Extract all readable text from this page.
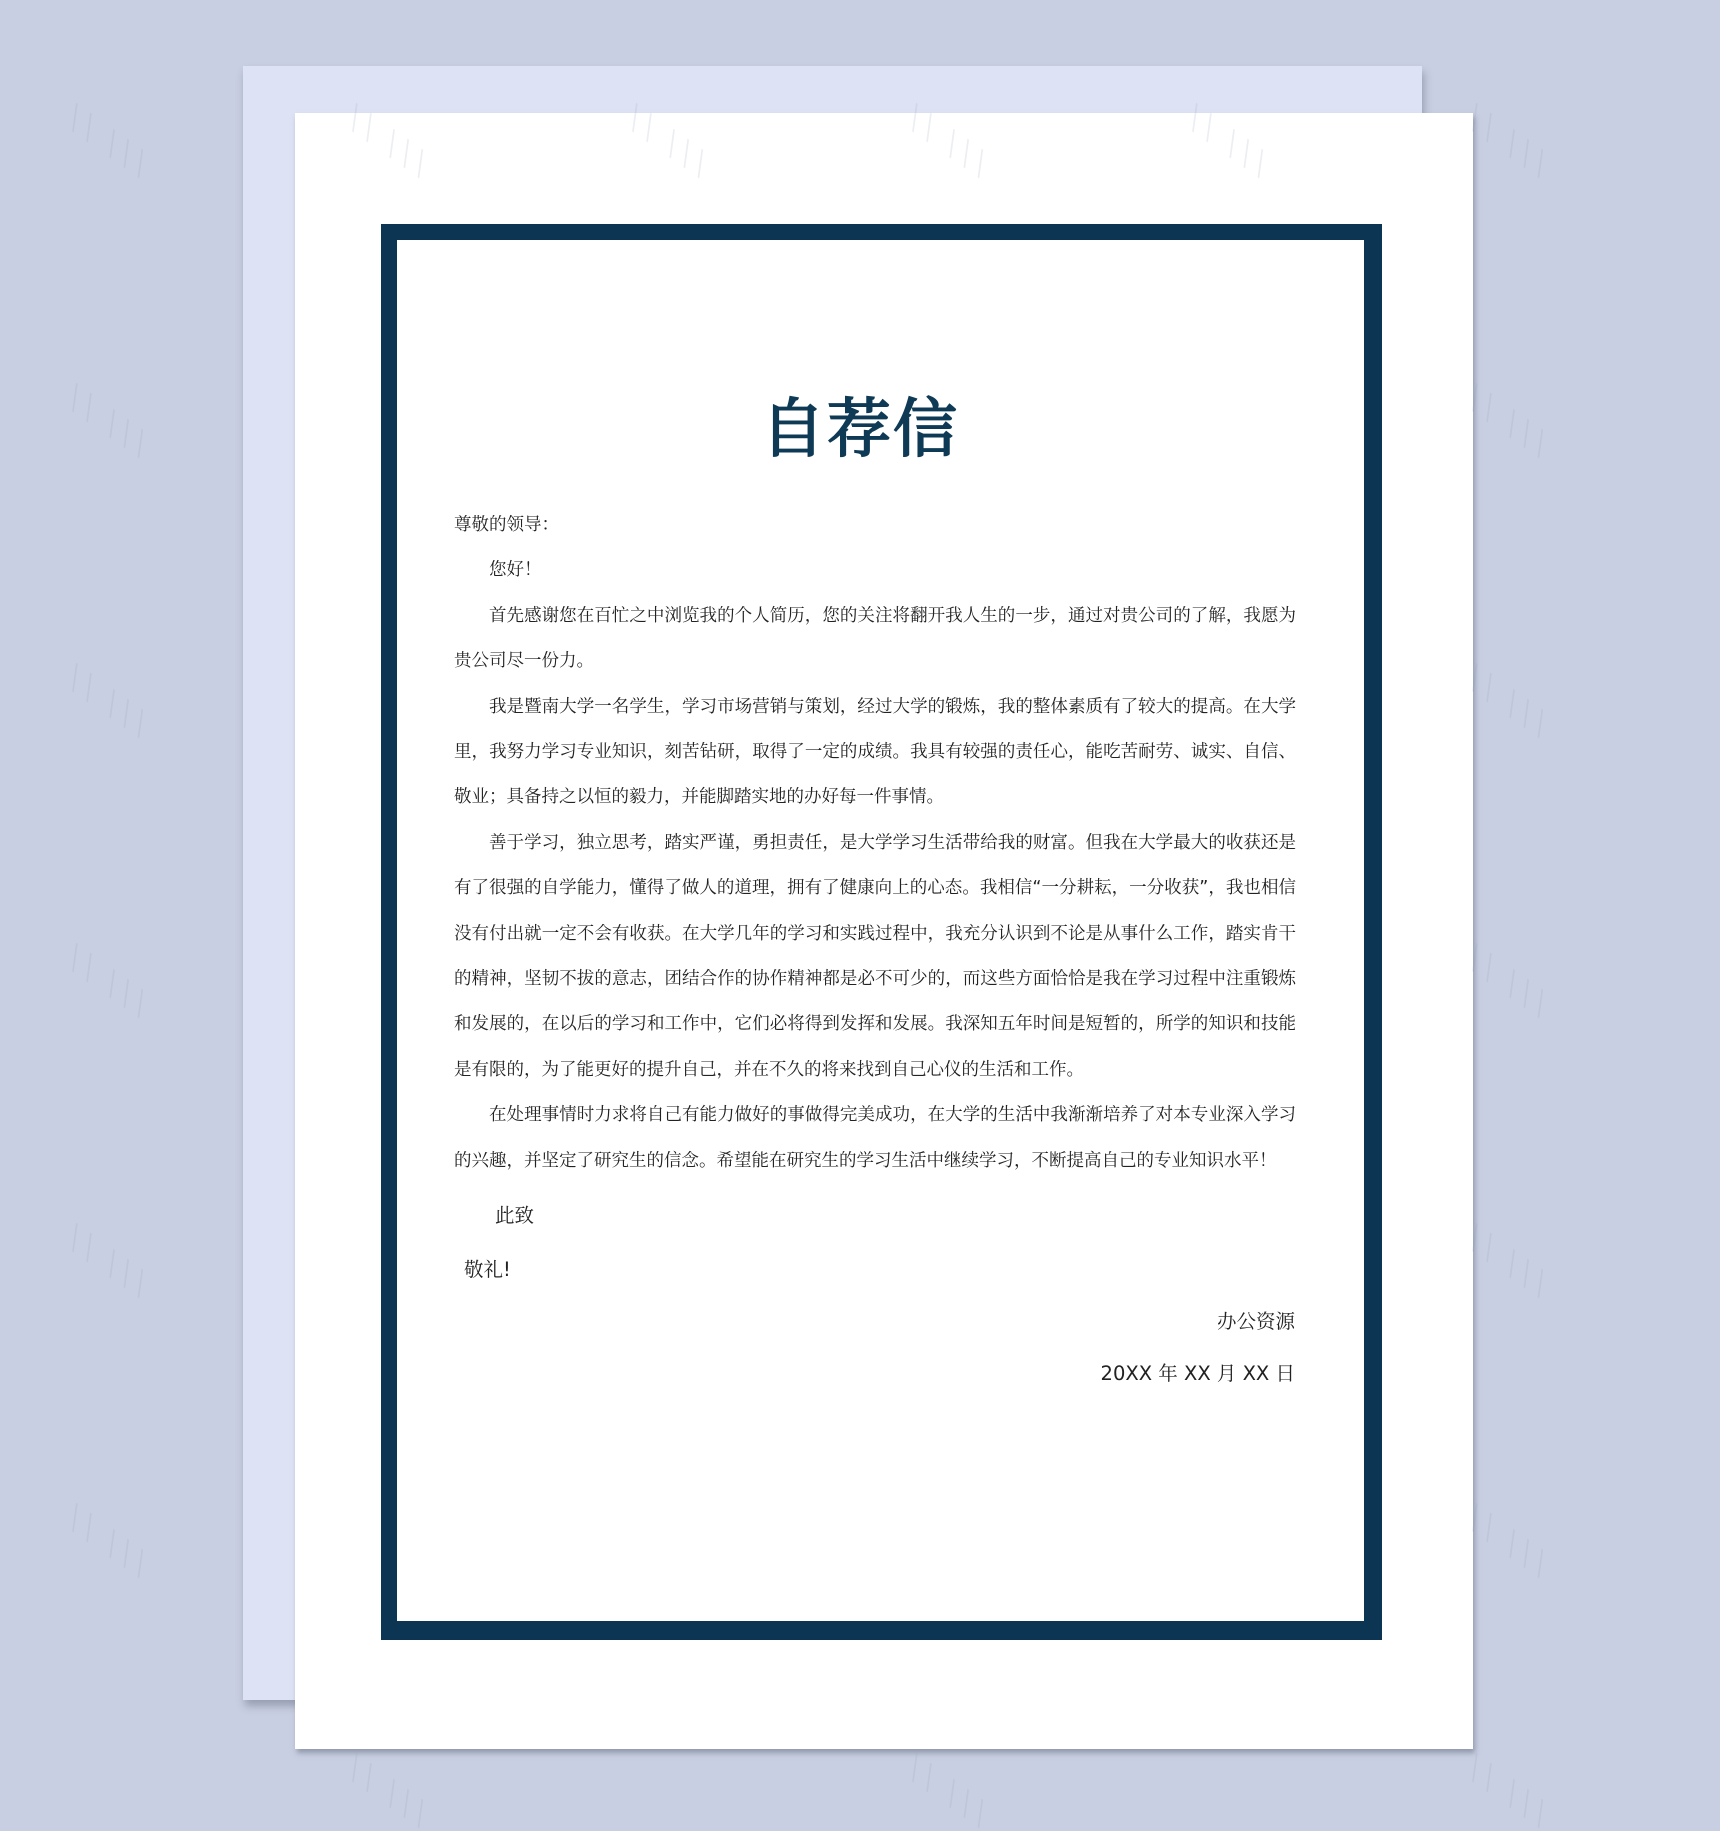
╲╲ ╲╲╲
╲╲ ╲╲╲
╲╲ ╲╲╲	╲╲ ╲╲╲
╲╲ ╲╲╲	╲╲ ╲╲╲
╲╲ ╲╲╲	╲╲ ╲╲╲
╲╲ ╲╲╲	╲╲ ╲╲╲
╲╲ ╲╲╲	╲╲ ╲╲╲
╲╲ ╲╲╲	╲╲ ╲╲╲	╲╲ ╲╲╲
自荐信

尊敬的领导：

您好！

首先感谢您在百忙之中浏览我的个人简历，您的关注将翻开我人生的一步，通过对贵公司的了解，我愿为贵公司尽一份力。

我是暨南大学一名学生，学习市场营销与策划，经过大学的锻炼，我的整体素质有了较大的提高。在大学里，我努力学习专业知识，刻苦钻研，取得了一定的成绩。我具有较强的责任心，能吃苦耐劳、诚实、自信、敬业；具备持之以恒的毅力，并能脚踏实地的办好每一件事情。

善于学习，独立思考，踏实严谨，勇担责任，是大学学习生活带给我的财富。但我在大学最大的收获还是有了很强的自学能力，懂得了做人的道理，拥有了健康向上的心态。我相信“一分耕耘，一分收获”，我也相信没有付出就一定不会有收获。在大学几年的学习和实践过程中，我充分认识到不论是从事什么工作，踏实肯干的精神，坚韧不拔的意志，团结合作的协作精神都是必不可少的，而这些方面恰恰是我在学习过程中注重锻炼和发展的，在以后的学习和工作中，它们必将得到发挥和发展。我深知五年时间是短暂的，所学的知识和技能是有限的，为了能更好的提升自己，并在不久的将来找到自己心仪的生活和工作。

在处理事情时力求将自己有能力做好的事做得完美成功，在大学的生活中我渐渐培养了对本专业深入学习的兴趣，并坚定了研究生的信念。希望能在研究生的学习生活中继续学习，不断提高自己的专业知识水平！

此致
敬礼!
办公资源
20XX 年 XX 月 XX 日
